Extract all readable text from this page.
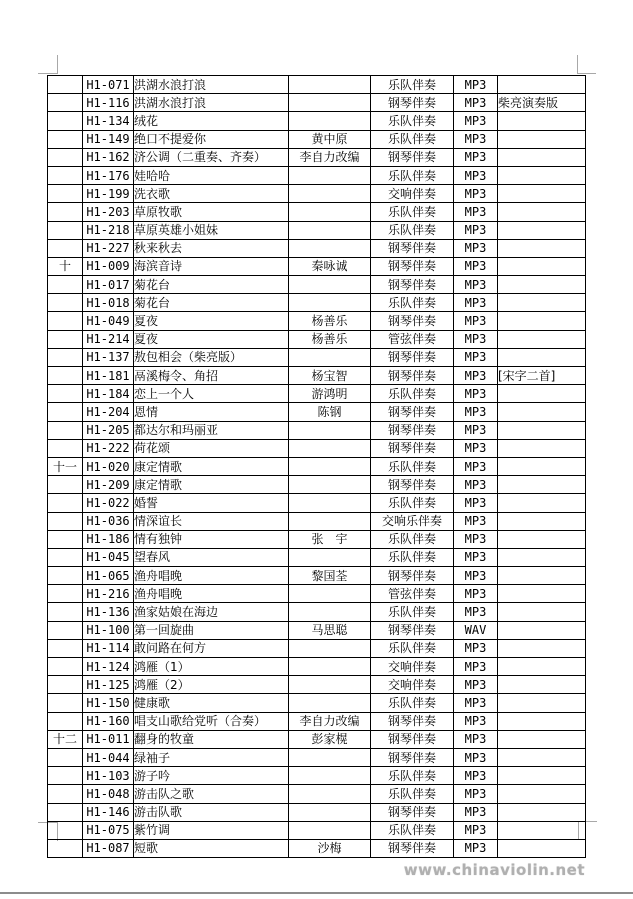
	H1-071	洪湖水浪打浪		乐队伴奏	MP3	
	H1-116	洪湖水浪打浪		钢琴伴奏	MP3	柴亮演奏版
	H1-134	绒花		乐队伴奏	MP3	
	H1-149	绝口不提爱你	黄中原	乐队伴奏	MP3	
	H1-162	济公调（二重奏、齐奏）	李自力改编	钢琴伴奏	MP3	
	H1-176	娃哈哈		乐队伴奏	MP3	
	H1-199	洗衣歌		交响伴奏	MP3	
	H1-203	草原牧歌		乐队伴奏	MP3	
	H1-218	草原英雄小姐妹		乐队伴奏	MP3	
	H1-227	秋来秋去		钢琴伴奏	MP3	
十	H1-009	海滨音诗	秦咏诚	钢琴伴奏	MP3	
	H1-017	菊花台		钢琴伴奏	MP3	
	H1-018	菊花台		乐队伴奏	MP3	
	H1-049	夏夜	杨善乐	钢琴伴奏	MP3	
	H1-214	夏夜	杨善乐	管弦伴奏	MP3	
	H1-137	敖包相会（柴亮版）		钢琴伴奏	MP3	
	H1-181	鬲溪梅令、角招	杨宝智	钢琴伴奏	MP3	[宋字二首]
	H1-184	恋上一个人	游鸿明	乐队伴奏	MP3	
	H1-204	恩情	陈钢	钢琴伴奏	MP3	
	H1-205	都达尔和玛丽亚		钢琴伴奏	MP3	
	H1-222	荷花颂		钢琴伴奏	MP3	
十一	H1-020	康定情歌		乐队伴奏	MP3	
	H1-209	康定情歌		钢琴伴奏	MP3	
	H1-022	婚誓		乐队伴奏	MP3	
	H1-036	情深谊长		交响乐伴奏	MP3	
	H1-186	情有独钟	张　宇	乐队伴奏	MP3	
	H1-045	望春风		乐队伴奏	MP3	
	H1-065	渔舟唱晚	黎国荃	钢琴伴奏	MP3	
	H1-216	渔舟唱晚		管弦伴奏	MP3	
	H1-136	渔家姑娘在海边		乐队伴奏	MP3	
	H1-100	第一回旋曲	马思聪	钢琴伴奏	WAV	
	H1-114	敢问路在何方		乐队伴奏	MP3	
	H1-124	鸿雁（1）		交响伴奏	MP3	
	H1-125	鸿雁（2）		交响伴奏	MP3	
	H1-150	健康歌		乐队伴奏	MP3	
	H1-160	唱支山歌给党听（合奏）	李自力改编	钢琴伴奏	MP3	
十二	H1-011	翻身的牧童	彭家榥	钢琴伴奏	MP3	
	H1-044	绿袖子		钢琴伴奏	MP3	
	H1-103	游子吟		乐队伴奏	MP3	
	H1-048	游击队之歌		乐队伴奏	MP3	
	H1-146	游击队歌		钢琴伴奏	MP3	
	H1-075	紫竹调		乐队伴奏	MP3	
	H1-087	短歌	沙梅	钢琴伴奏	MP3	
www.chinaviolin.net
